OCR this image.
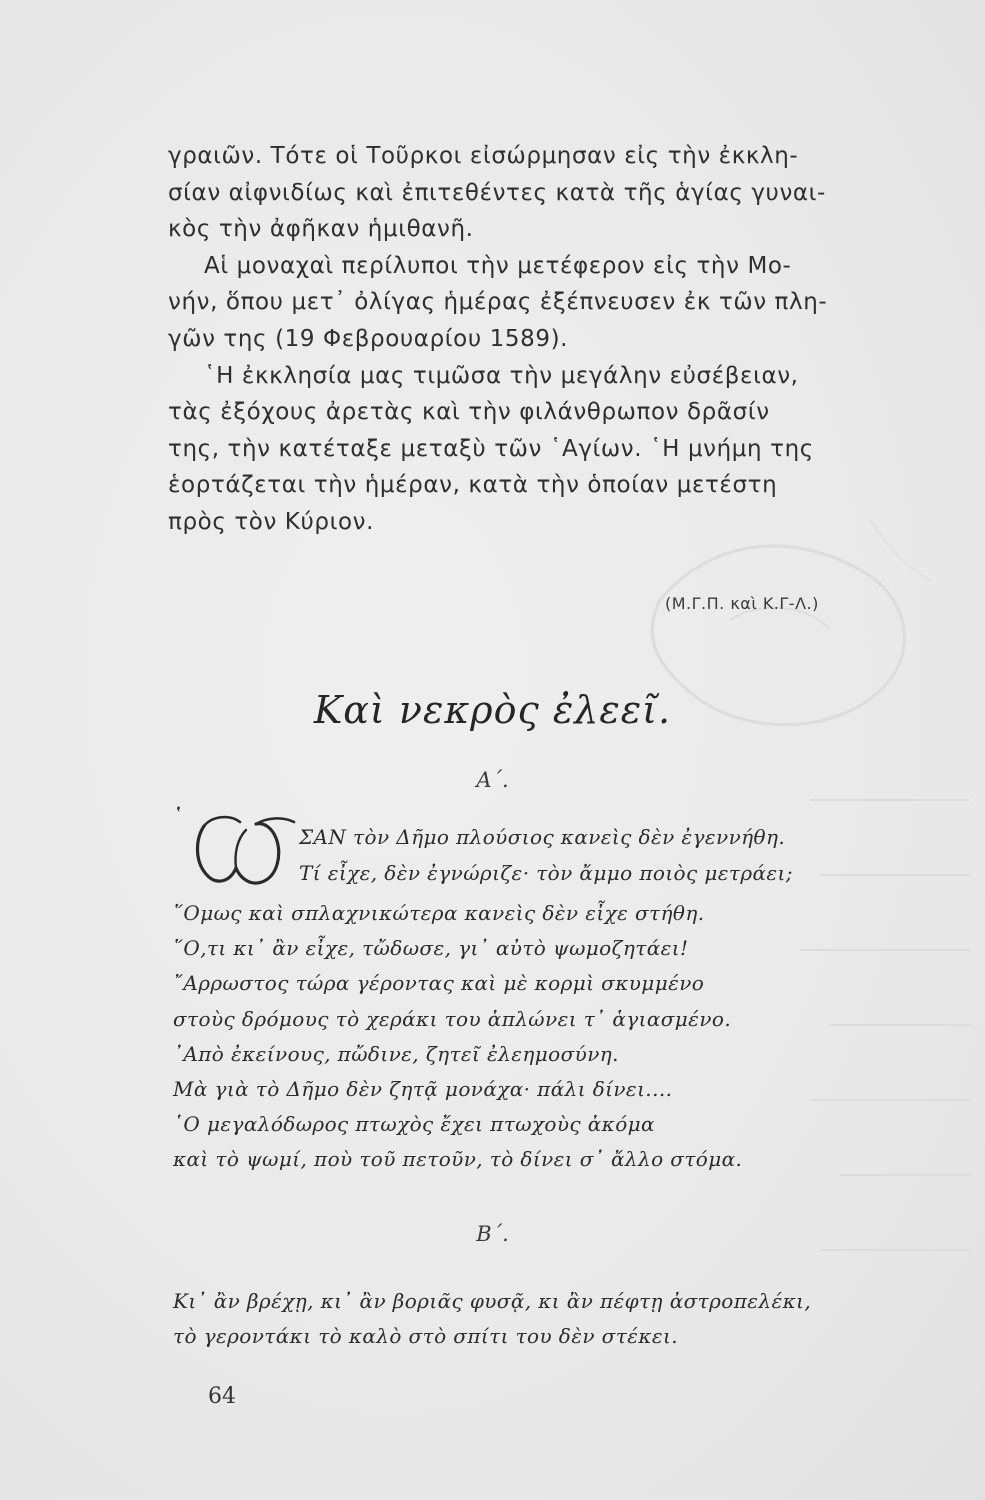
γραιῶν. Τότε οἱ Τοῦρκοι εἰσώρμησαν εἰς τὴν ἐκκλη-
σίαν αἰφνιδίως καὶ ἐπιτεθέντες κατὰ τῆς ἁγίας γυναι-
κὸς τὴν ἀφῆκαν ἡμιθανῆ.
Αἱ μοναχαὶ περίλυποι τὴν μετέφερον εἰς τὴν Μο-
νήν, ὅπου μετ᾿ ὀλίγας ἡμέρας ἐξέπνευσεν ἐκ τῶν πλη-
γῶν της (19 Φεβρουαρίου 1589).
῾Η ἐκκλησία μας τιμῶσα τὴν μεγάλην εὐσέβειαν,
τὰς ἐξόχους ἀρετὰς καὶ τὴν φιλάνθρωπον δρᾶσίν
της, τὴν κατέταξε μεταξὺ τῶν ῾Αγίων. ῾Η μνήμη της
ἑορτάζεται τὴν ἡμέραν, κατὰ τὴν ὁποίαν μετέστη
πρὸς τὸν Κύριον.
(Μ.Γ.Π. καὶ Κ.Γ-Λ.)
Καὶ νεκρὸς ἐλεεῖ.
Α΄.
῾	Ω
ΣΑΝ τὸν Δῆμο πλούσιος κανεὶς δὲν ἐγεννήθη.
Τί εἶχε, δὲν ἐγνώριζε· τὸν ἄμμο ποιὸς μετράει;
῞Ομως καὶ σπλαχνικώτερα κανεὶς δὲν εἶχε στήθη.
῞Ο,τι κι᾿ ἂν εἶχε, τὤδωσε, γι᾿ αὐτὸ ψωμοζητάει!
῎Αρρωστος τώρα γέροντας καὶ μὲ κορμὶ σκυμμένο
στοὺς δρόμους τὸ χεράκι του ἁπλώνει τ᾿ ἁγιασμένο.
᾿Απὸ ἐκείνους, πὤδινε, ζητεῖ ἐλεημοσύνη.
Μὰ γιὰ τὸ Δῆμο δὲν ζητᾷ μονάχα· πάλι δίνει....
῾Ο μεγαλόδωρος πτωχὸς ἔχει πτωχοὺς ἀκόμα
καὶ τὸ ψωμί, ποὺ τοῦ πετοῦν, τὸ δίνει σ᾿ ἄλλο στόμα.
Β΄.
Κι᾿ ἂν βρέχῃ, κι᾿ ἂν βοριᾶς φυσᾷ, κι ἂν πέφτῃ ἀστροπελέκι,
τὸ γεροντάκι τὸ καλὸ στὸ σπίτι του δὲν στέκει.
64
